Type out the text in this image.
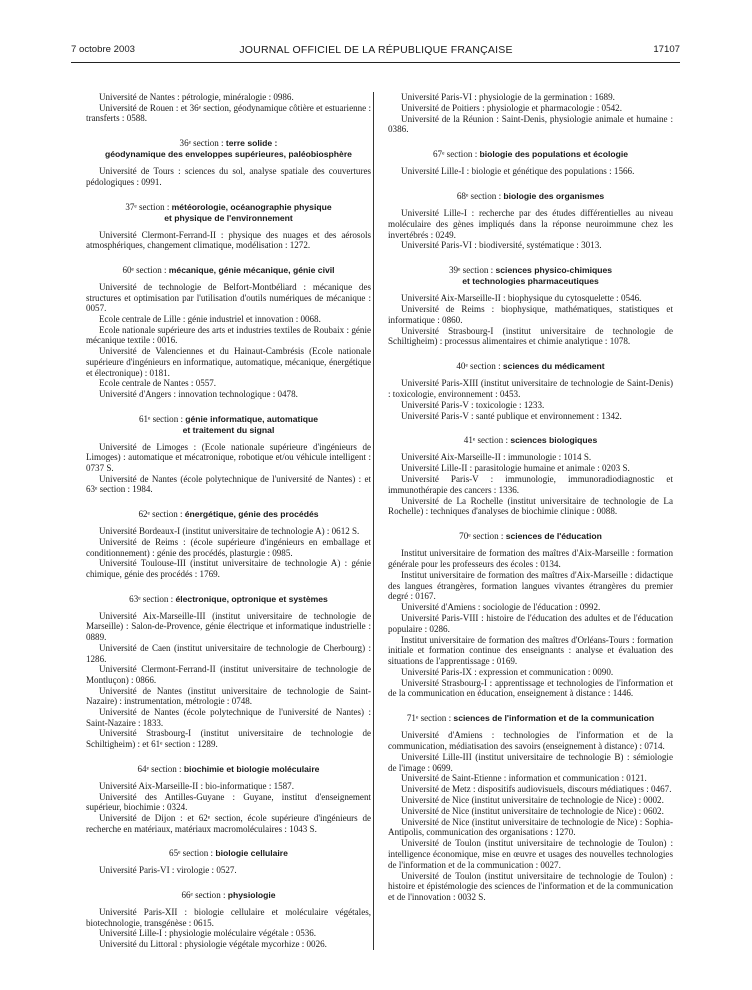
7 octobre 2003	JOURNAL OFFICIEL DE LA RÉPUBLIQUE FRANÇAISE	17107

Université de Nantes : pétrologie, minéralogie : 0986.

Université de Rouen : et 36ᵉ section, géodynamique côtière et estuarienne : transferts : 0588.

36ᵉ section : terre solide :
géodynamique des enveloppes supérieures, paléobiosphère

Université de Tours : sciences du sol, analyse spatiale des couvertures pédologiques : 0991.

37ᵉ section : météorologie, océanographie physique
et physique de l'environnement

Université Clermont-Ferrand-II : physique des nuages et des aérosols atmosphériques, changement climatique, modélisation : 1272.

60ᵉ section : mécanique, génie mécanique, génie civil

Université de technologie de Belfort-Montbéliard : mécanique des structures et optimisation par l'utilisation d'outils numériques de mécanique : 0057.

Ecole centrale de Lille : génie industriel et innovation : 0068.

Ecole nationale supérieure des arts et industries textiles de Roubaix : génie mécanique textile : 0016.

Université de Valenciennes et du Hainaut-Cambrésis (Ecole nationale supérieure d'ingénieurs en informatique, automatique, mécanique, énergétique et électronique) : 0181.

Ecole centrale de Nantes : 0557.

Université d'Angers : innovation technologique : 0478.

61ᵉ section : génie informatique, automatique
et traitement du signal

Université de Limoges : (Ecole nationale supérieure d'ingénieurs de Limoges) : automatique et mécatronique, robotique et/ou véhicule intelligent : 0737 S.

Université de Nantes (école polytechnique de l'université de Nantes) : et 63ᵉ section : 1984.

62ᵉ section : énergétique, génie des procédés

Université Bordeaux-I (institut universitaire de technologie A) : 0612 S.

Université de Reims : (école supérieure d'ingénieurs en emballage et conditionnement) : génie des procédés, plasturgie : 0985.

Université Toulouse-III (institut universitaire de technologie A) : génie chimique, génie des procédés : 1769.

63ᵉ section : électronique, optronique et systèmes

Université Aix-Marseille-III (institut universitaire de technologie de Marseille) : Salon-de-Provence, génie électrique et informatique industrielle : 0889.

Université de Caen (institut universitaire de technologie de Cherbourg) : 1286.

Université Clermont-Ferrand-II (institut universitaire de technologie de Montluçon) : 0866.

Université de Nantes (institut universitaire de technologie de Saint-Nazaire) : instrumentation, métrologie : 0748.

Université de Nantes (école polytechnique de l'université de Nantes) : Saint-Nazaire : 1833.

Université Strasbourg-I (institut universitaire de technologie de Schiltigheim) : et 61ᵉ section : 1289.

64ᵉ section : biochimie et biologie moléculaire

Université Aix-Marseille-II : bio-informatique : 1587.

Université des Antilles-Guyane : Guyane, institut d'enseignement supérieur, biochimie : 0324.

Université de Dijon : et 62ᵉ section, école supérieure d'ingénieurs de recherche en matériaux, matériaux macromoléculaires : 1043 S.

65ᵉ section : biologie cellulaire

Université Paris-VI : virologie : 0527.

66ᵉ section : physiologie

Université Paris-XII : biologie cellulaire et moléculaire végétales, biotechnologie, transgénèse : 0615.

Université Lille-I : physiologie moléculaire végétale : 0536.

Université du Littoral : physiologie végétale mycorhize : 0026.

Université Paris-VI : physiologie de la germination : 1689.

Université de Poitiers : physiologie et pharmacologie : 0542.

Université de la Réunion : Saint-Denis, physiologie animale et humaine : 0386.

67ᵉ section : biologie des populations et écologie

Université Lille-I : biologie et génétique des populations : 1566.

68ᵉ section : biologie des organismes

Université Lille-I : recherche par des études différentielles au niveau moléculaire des gènes impliqués dans la réponse neuroimmune chez les invertébrés : 0249.

Université Paris-VI : biodiversité, systématique : 3013.

39ᵉ section : sciences physico-chimiques
et technologies pharmaceutiques

Université Aix-Marseille-II : biophysique du cytosquelette : 0546.

Université de Reims : biophysique, mathématiques, statistiques et informatique : 0860.

Université Strasbourg-I (institut universitaire de technologie de Schiltigheim) : processus alimentaires et chimie analytique : 1078.

40ᵉ section : sciences du médicament

Université Paris-XIII (institut universitaire de technologie de Saint-Denis) : toxicologie, environnement : 0453.

Université Paris-V : toxicologie : 1233.

Université Paris-V : santé publique et environnement : 1342.

41ᵉ section : sciences biologiques

Université Aix-Marseille-II : immunologie : 1014 S.

Université Lille-II : parasitologie humaine et animale : 0203 S.

Université Paris-V : immunologie, immunoradiodiagnostic et immunothérapie des cancers : 1336.

Université de La Rochelle (institut universitaire de technologie de La Rochelle) : techniques d'analyses de biochimie clinique : 0088.

70ᵉ section : sciences de l'éducation

Institut universitaire de formation des maîtres d'Aix-Marseille : formation générale pour les professeurs des écoles : 0134.

Institut universitaire de formation des maîtres d'Aix-Marseille : didactique des langues étrangères, formation langues vivantes étrangères du premier degré : 0167.

Université d'Amiens : sociologie de l'éducation : 0992.

Université Paris-VIII : histoire de l'éducation des adultes et de l'éducation populaire : 0286.

Institut universitaire de formation des maîtres d'Orléans-Tours : formation initiale et formation continue des enseignants : analyse et évaluation des situations de l'apprentissage : 0169.

Université Paris-IX : expression et communication : 0090.

Université Strasbourg-I : apprentissage et technologies de l'information et de la communication en éducation, enseignement à distance : 1446.

71ᵉ section : sciences de l'information et de la communication

Université d'Amiens : technologies de l'information et de la communication, médiatisation des savoirs (enseignement à distance) : 0714.

Université Lille-III (institut universitaire de technologie B) : sémiologie de l'image : 0699.

Université de Saint-Etienne : information et communication : 0121.

Université de Metz : dispositifs audiovisuels, discours médiatiques : 0467.

Université de Nice (institut universitaire de technologie de Nice) : 0002.

Université de Nice (institut universitaire de technologie de Nice) : 0602.

Université de Nice (institut universitaire de technologie de Nice) : Sophia-Antipolis, communication des organisations : 1270.

Université de Toulon (institut universitaire de technologie de Toulon) : intelligence économique, mise en œuvre et usages des nouvelles technologies de l'information et de la communication : 0027.

Université de Toulon (institut universitaire de technologie de Toulon) : histoire et épistémologie des sciences de l'information et de la communication et de l'innovation : 0032 S.
